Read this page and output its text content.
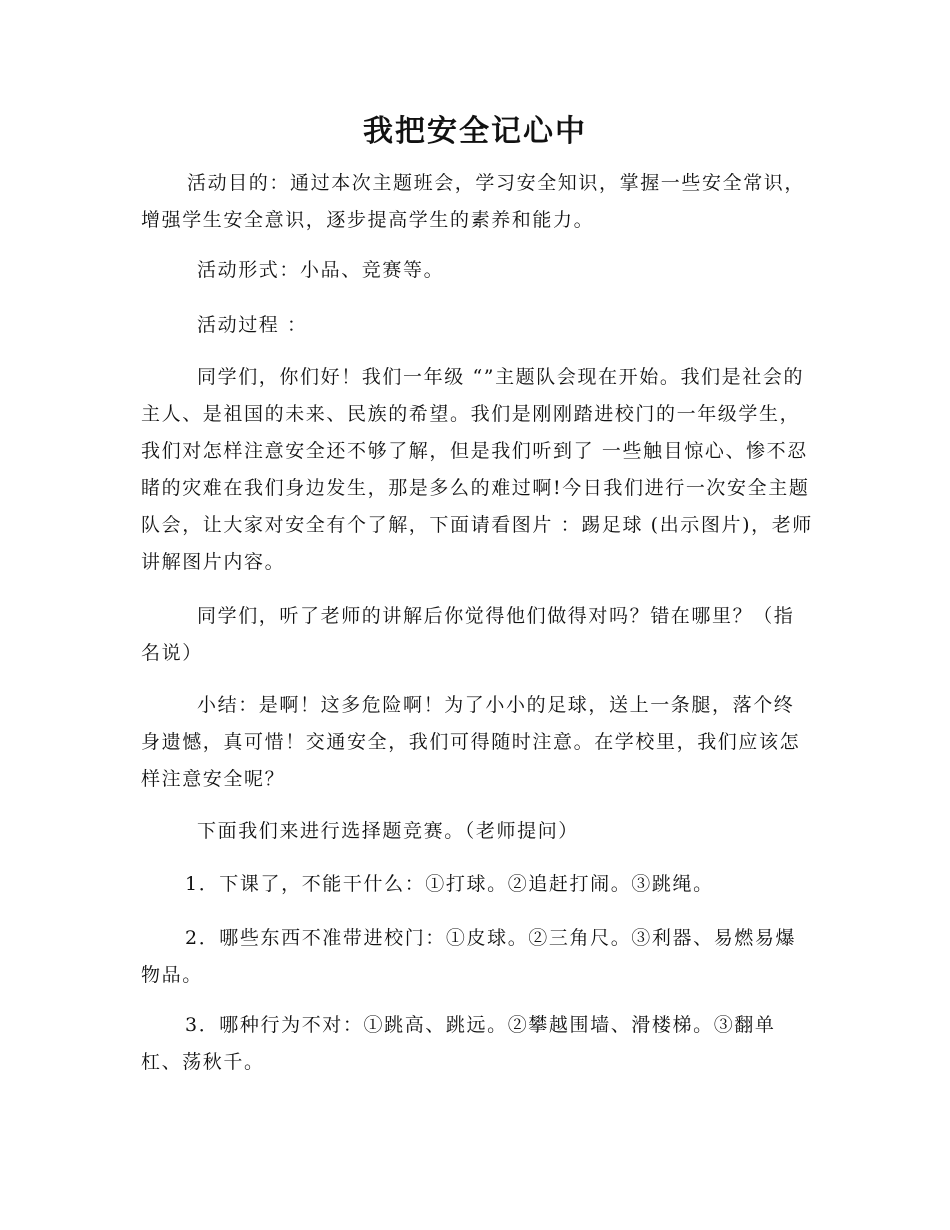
我把安全记心中

活动目的：通过本次主题班会，学习安全知识，掌握一些安全常识，增强学生安全意识，逐步提高学生的素养和能力。

活动形式：小品、竞赛等。

活动过程 ：

同学们，你们好！我们一年级 “”主题队会现在开始。我们是社会的主人、是祖国的未来、民族的希望。我们是刚刚踏进校门的一年级学生，我们对怎样注意安全还不够了解，但是我们听到了 一些触目惊心、惨不忍睹的灾难在我们身边发生，那是多么的难过啊!今日我们进行一次安全主题队会，让大家对安全有个了解，下面请看图片 ：踢足球 (出示图片)，老师讲解图片内容。

同学们，听了老师的讲解后你觉得他们做得对吗？错在哪里？（指名说）

小结：是啊！这多危险啊！为了小小的足球，送上一条腿，落个终身遗憾，真可惜！交通安全，我们可得随时注意。在学校里，我们应该怎样注意安全呢？

下面我们来进行选择题竞赛。（老师提问）

1．下课了，不能干什么：①打球。②追赶打闹。③跳绳。

2．哪些东西不准带进校门：①皮球。②三角尺。③利器、易燃易爆物品。

3．哪种行为不对：①跳高、跳远。②攀越围墙、滑楼梯。③翻单杠、荡秋千。
